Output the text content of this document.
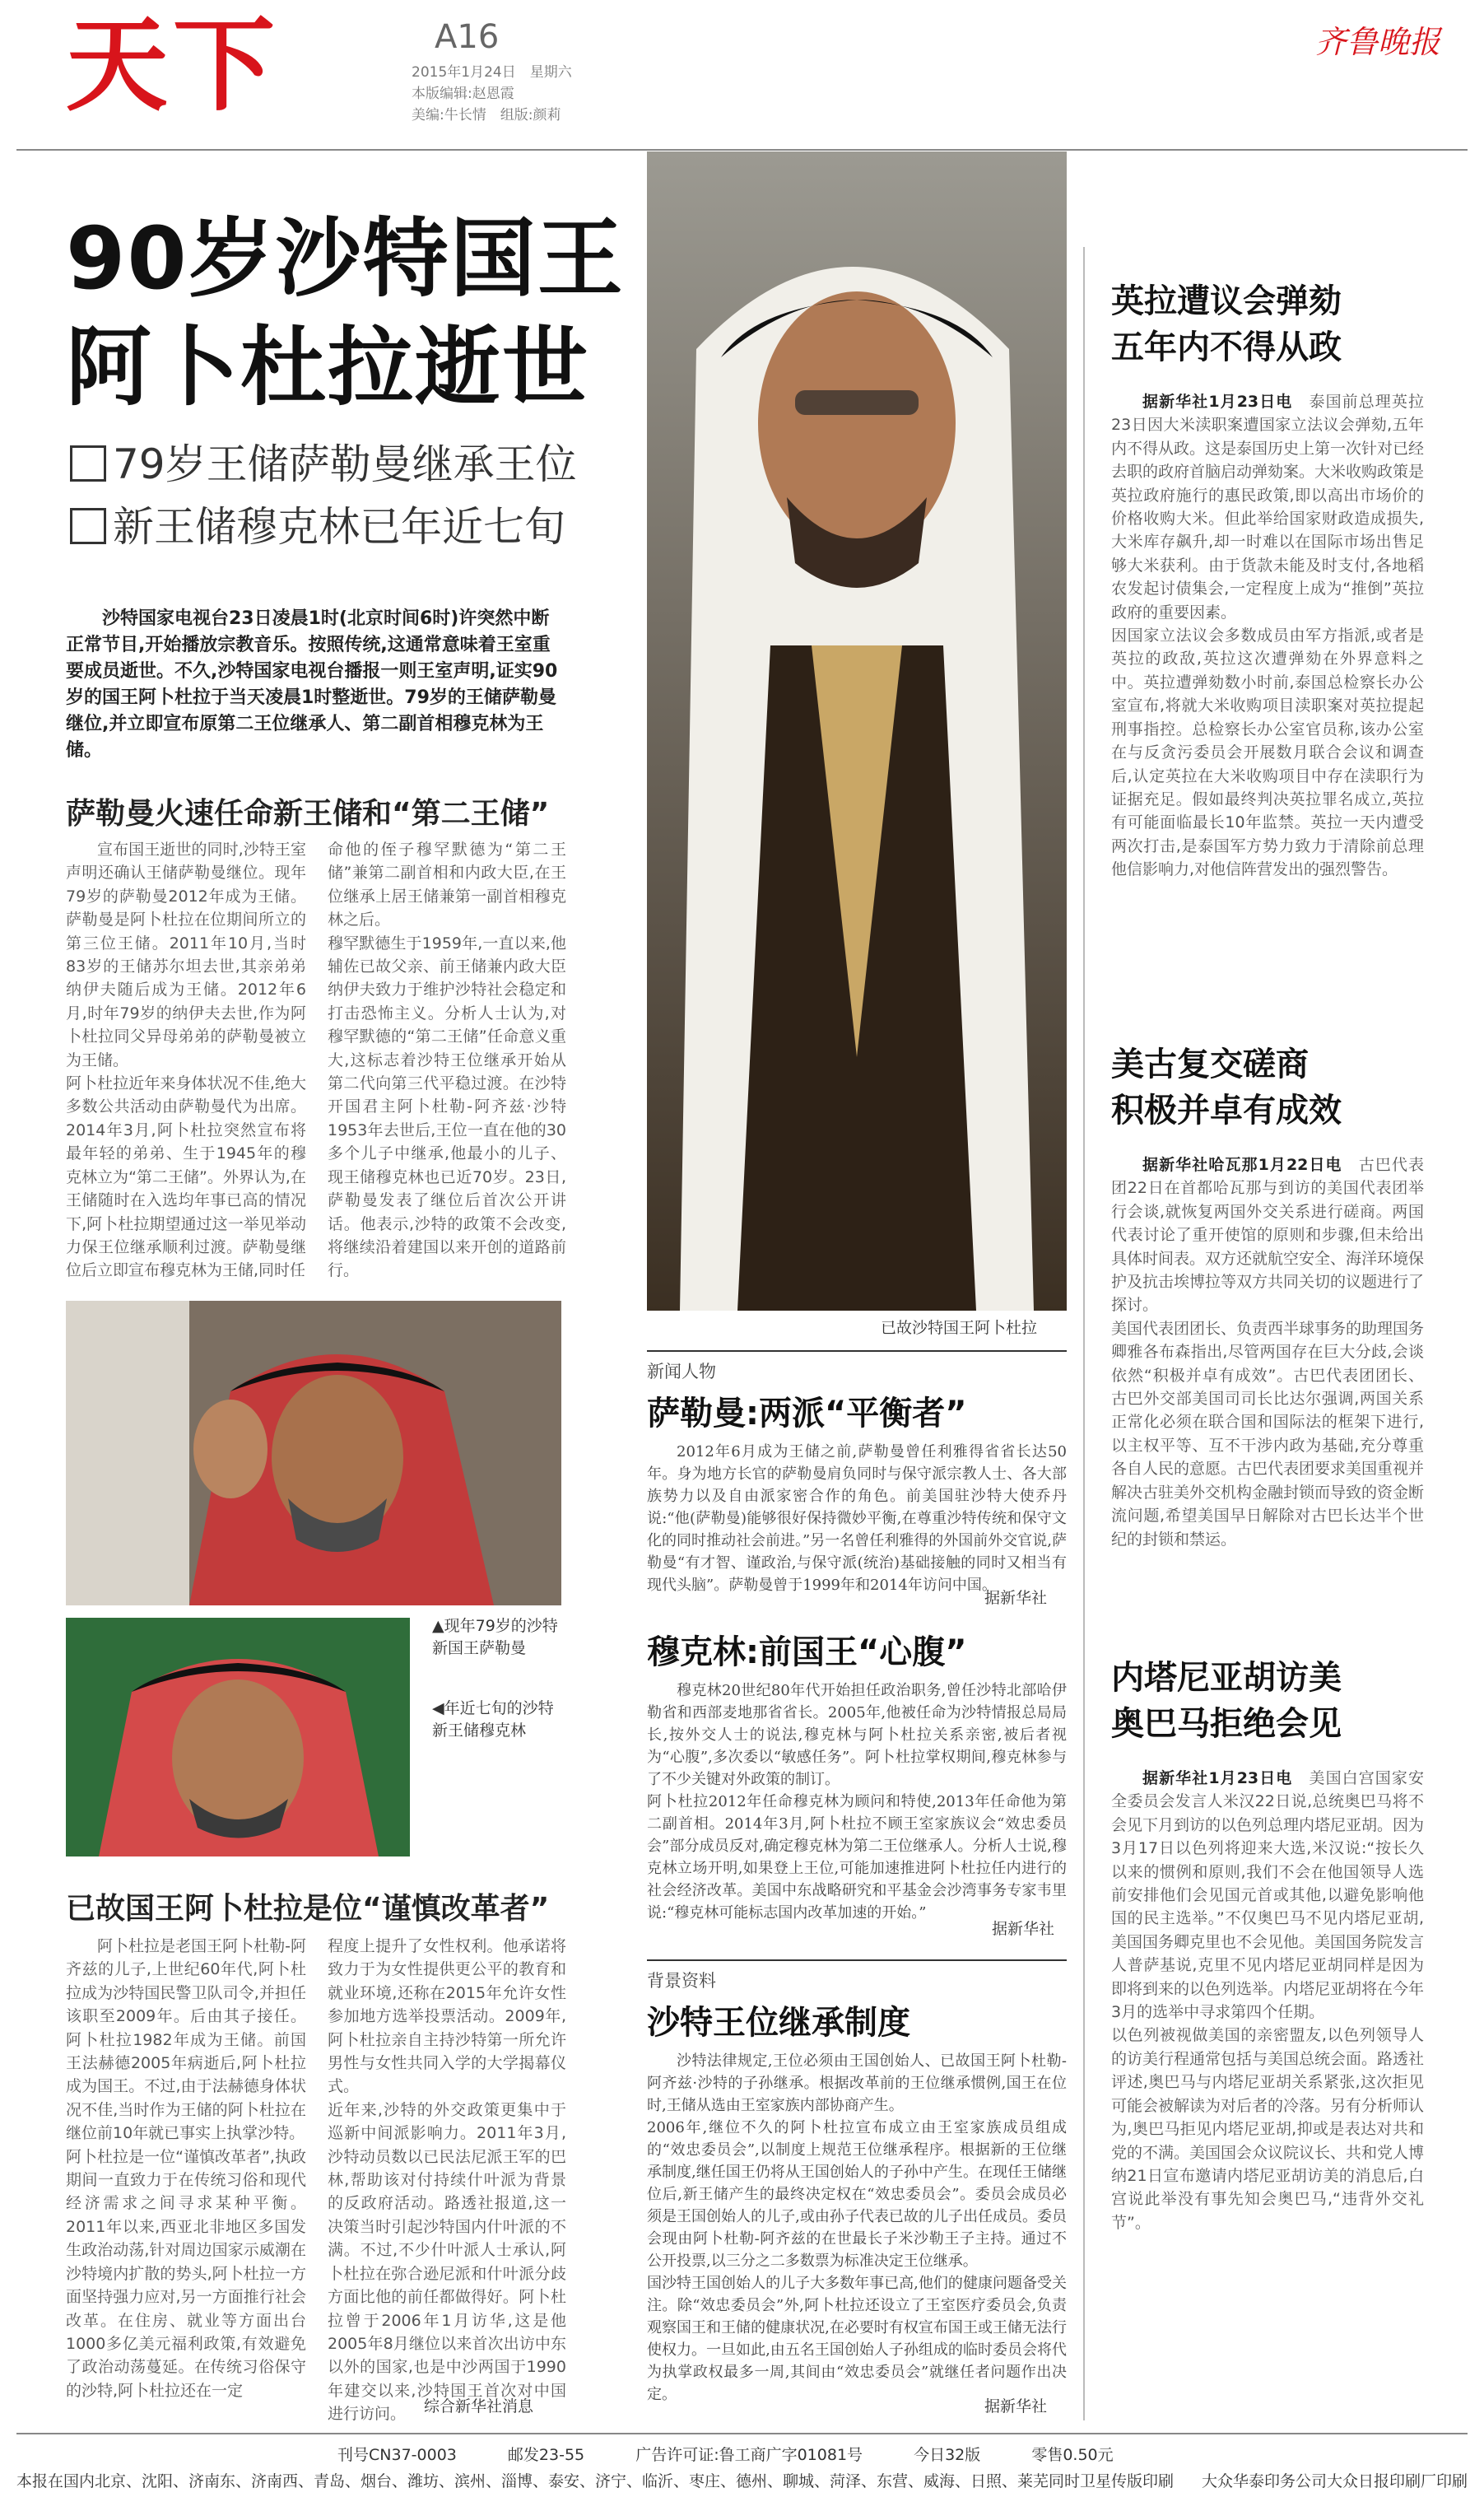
天下	A16
2015年1月24日　星期六
本版编辑:赵恩霞
美编:牛长情　组版:颜莉
齐鲁晚报
90岁沙特国王
阿卜杜拉逝世
79岁王储萨勒曼继承王位
新王储穆克林已年近七旬
　　沙特国家电视台23日凌晨1时(北京时间6时)许突然中断正常节目,开始播放宗教音乐。按照传统,这通常意味着王室重要成员逝世。不久,沙特国家电视台播报一则王室声明,证实90岁的国王阿卜杜拉于当天凌晨1时整逝世。79岁的王储萨勒曼继位,并立即宣布原第二王位继承人、第二副首相穆克林为王储。
已故沙特国王阿卜杜拉
萨勒曼火速任命新王储和“第二王储”
宣布国王逝世的同时,沙特王室声明还确认王储萨勒曼继位。现年79岁的萨勒曼2012年成为王储。萨勒曼是阿卜杜拉在位期间所立的第三位王储。2011年10月,当时83岁的王储苏尔坦去世,其亲弟弟纳伊夫随后成为王储。2012年6月,时年79岁的纳伊夫去世,作为阿卜杜拉同父异母弟弟的萨勒曼被立为王储。
阿卜杜拉近年来身体状况不佳,绝大多数公共活动由萨勒曼代为出席。2014年3月,阿卜杜拉突然宣布将最年轻的弟弟、生于1945年的穆克林立为“第二王储”。外界认为,在王储随时在入选均年事已高的情况下,阿卜杜拉期望通过这一举见举动力保王位继承顺利过渡。萨勒曼继位后立即宣布穆克林为王储,同时任
命他的侄子穆罕默德为“第二王储”兼第二副首相和内政大臣,在王位继承上居王储兼第一副首相穆克林之后。
穆罕默德生于1959年,一直以来,他辅佐已故父亲、前王储兼内政大臣纳伊夫致力于维护沙特社会稳定和打击恐怖主义。分析人士认为,对穆罕默德的“第二王储”任命意义重大,这标志着沙特王位继承开始从第二代向第三代平稳过渡。在沙特开国君主阿卜杜勒-阿齐兹·沙特1953年去世后,王位一直在他的30多个儿子中继承,他最小的儿子、现王储穆克林也已近70岁。23日,萨勒曼发表了继位后首次公开讲话。他表示,沙特的政策不会改变,将继续沿着建国以来开创的道路前行。
▲现年79岁的沙特新国王萨勒曼
◀年近七旬的沙特新王储穆克林
已故国王阿卜杜拉是位“谨慎改革者”
阿卜杜拉是老国王阿卜杜勒-阿齐兹的儿子,上世纪60年代,阿卜杜拉成为沙特国民警卫队司令,并担任该职至2009年。后由其子接任。阿卜杜拉1982年成为王储。前国王法赫德2005年病逝后,阿卜杜拉成为国王。不过,由于法赫德身体状况不佳,当时作为王储的阿卜杜拉在继位前10年就已事实上执掌沙特。
阿卜杜拉是一位“谨慎改革者”,执政期间一直致力于在传统习俗和现代经济需求之间寻求某种平衡。2011年以来,西亚北非地区多国发生政治动荡,针对周边国家示威潮在沙特境内扩散的势头,阿卜杜拉一方面坚持强力应对,另一方面推行社会改革。在住房、就业等方面出台1000多亿美元福利政策,有效避免了政治动荡蔓延。在传统习俗保守的沙特,阿卜杜拉还在一定
程度上提升了女性权利。他承诺将致力于为女性提供更公平的教育和就业环境,还称在2015年允许女性参加地方选举投票活动。2009年,阿卜杜拉亲自主持沙特第一所允许男性与女性共同入学的大学揭幕仪式。
近年来,沙特的外交政策更集中于巡新中间派影响力。2011年3月,沙特动员数以已民法尼派王军的巴林,帮助该对付持续什叶派为背景的反政府活动。路透社报道,这一决策当时引起沙特国内什叶派的不满。不过,不少什叶派人士承认,阿卜杜拉在弥合逊尼派和什叶派分歧方面比他的前任都做得好。阿卜杜拉曾于2006年1月访华,这是他2005年8月继位以来首次出访中东以外的国家,也是中沙两国于1990年建交以来,沙特国王首次对中国进行访问。	综合新华社消息
新闻人物
萨勒曼:两派“平衡者”
2012年6月成为王储之前,萨勒曼曾任利雅得省省长达50年。身为地方长官的萨勒曼肩负同时与保守派宗教人士、各大部族势力以及自由派家密合作的角色。前美国驻沙特大使乔丹说:“他(萨勒曼)能够很好保持微妙平衡,在尊重沙特传统和保守文化的同时推动社会前进。”另一名曾任利雅得的外国前外交官说,萨勒曼“有才智、谨政治,与保守派(统治)基础接触的同时又相当有现代头脑”。萨勒曼曾于1999年和2014年访问中国。
据新华社
穆克林:前国王“心腹”
穆克林20世纪80年代开始担任政治职务,曾任沙特北部哈伊勒省和西部麦地那省省长。2005年,他被任命为沙特情报总局局长,按外交人士的说法,穆克林与阿卜杜拉关系亲密,被后者视为“心腹”,多次委以“敏感任务”。阿卜杜拉掌权期间,穆克林参与了不少关键对外政策的制订。
阿卜杜拉2012年任命穆克林为顾问和特使,2013年任命他为第二副首相。2014年3月,阿卜杜拉不顾王室家族议会“效忠委员会”部分成员反对,确定穆克林为第二王位继承人。分析人士说,穆克林立场开明,如果登上王位,可能加速推进阿卜杜拉任内进行的社会经济改革。美国中东战略研究和平基金会沙湾事务专家韦里说:“穆克林可能标志国内改革加速的开始。”
据新华社
背景资料
沙特王位继承制度
沙特法律规定,王位必须由王国创始人、已故国王阿卜杜勒-阿齐兹·沙特的子孙继承。根据改革前的王位继承惯例,国王在位时,王储从选由王室家族内部协商产生。
2006年,继位不久的阿卜杜拉宣布成立由王室家族成员组成的“效忠委员会”,以制度上规范王位继承程序。根据新的王位继承制度,继任国王仍将从王国创始人的子孙中产生。在现任王储继位后,新王储产生的最终决定权在“效忠委员会”。委员会成员必须是王国创始人的儿子,或由孙子代表已故的儿子出任成员。委员会现由阿卜杜勒-阿齐兹的在世最长子米沙勒王子主持。通过不公开投票,以三分之二多数票为标准决定王位继承。
国沙特王国创始人的儿子大多数年事已高,他们的健康问题备受关注。除“效忠委员会”外,阿卜杜拉还设立了王室医疗委员会,负责观察国王和王储的健康状况,在必要时有权宣布国王或王储无法行使权力。一旦如此,由五名王国创始人子孙组成的临时委员会将代为执掌政权最多一周,其间由“效忠委员会”就继任者问题作出决定。
据新华社
英拉遭议会弹劾
五年内不得从政
据新华社1月23日电　 泰国前总理英拉23日因大米渎职案遭国家立法议会弹劾,五年内不得从政。这是泰国历史上第一次针对已经去职的政府首脑启动弹劾案。大米收购政策是英拉政府施行的惠民政策,即以高出市场价的价格收购大米。但此举给国家财政造成损失,大米库存飙升,却一时难以在国际市场出售足够大米获利。由于货款未能及时支付,各地稻农发起讨债集会,一定程度上成为“推倒”英拉政府的重要因素。
因国家立法议会多数成员由军方指派,或者是英拉的政敌,英拉这次遭弹劾在外界意料之中。英拉遭弹劾数小时前,泰国总检察长办公室宣布,将就大米收购项目渎职案对英拉提起刑事指控。总检察长办公室官员称,该办公室在与反贪污委员会开展数月联合会议和调查后,认定英拉在大米收购项目中存在渎职行为证据充足。假如最终判决英拉罪名成立,英拉有可能面临最长10年监禁。英拉一天内遭受两次打击,是泰国军方势力致力于清除前总理他信影响力,对他信阵营发出的强烈警告。
美古复交磋商
积极并卓有成效
据新华社哈瓦那1月22日电　 古巴代表团22日在首都哈瓦那与到访的美国代表团举行会谈,就恢复两国外交关系进行磋商。两国代表讨论了重开使馆的原则和步骤,但未给出具体时间表。双方还就航空安全、海洋环境保护及抗击埃博拉等双方共同关切的议题进行了探讨。
美国代表团团长、负责西半球事务的助理国务卿雅各布森指出,尽管两国存在巨大分歧,会谈依然“积极并卓有成效”。古巴代表团团长、古巴外交部美国司司长比达尔强调,两国关系正常化必须在联合国和国际法的框架下进行,以主权平等、互不干涉内政为基础,充分尊重各自人民的意愿。古巴代表团要求美国重视并解决古驻美外交机构金融封锁而导致的资金断流问题,希望美国早日解除对古巴长达半个世纪的封锁和禁运。
内塔尼亚胡访美
奥巴马拒绝会见
据新华社1月23日电　 美国白宫国家安全委员会发言人米汉22日说,总统奥巴马将不会见下月到访的以色列总理内塔尼亚胡。因为3月17日以色列将迎来大选,米汉说:“按长久以来的惯例和原则,我们不会在他国领导人选前安排他们会见国元首或其他,以避免影响他国的民主选举。”不仅奥巴马不见内塔尼亚胡,美国国务卿克里也不会见他。美国国务院发言人普萨基说,克里不见内塔尼亚胡同样是因为即将到来的以色列选举。内塔尼亚胡将在今年3月的选举中寻求第四个任期。
以色列被视做美国的亲密盟友,以色列领导人的访美行程通常包括与美国总统会面。路透社评述,奥巴马与内塔尼亚胡关系紧张,这次拒见可能会被解读为对后者的冷落。另有分析师认为,奥巴马拒见内塔尼亚胡,抑或是表达对共和党的不满。美国国会众议院议长、共和党人博纳21日宣布邀请内塔尼亚胡访美的消息后,白宫说此举没有事先知会奥巴马,“违背外交礼节”。
刊号CN37-0003	邮发23-55	广告许可证:鲁工商广字01081号	今日32版	零售0.50元
本报在国内北京、沈阳、济南东、济南西、青岛、烟台、潍坊、滨州、淄博、泰安、济宁、临沂、枣庄、德州、聊城、菏泽、东营、威海、日照、莱芜同时卫星传版印刷 大众华泰印务公司大众日报印刷厂印刷
